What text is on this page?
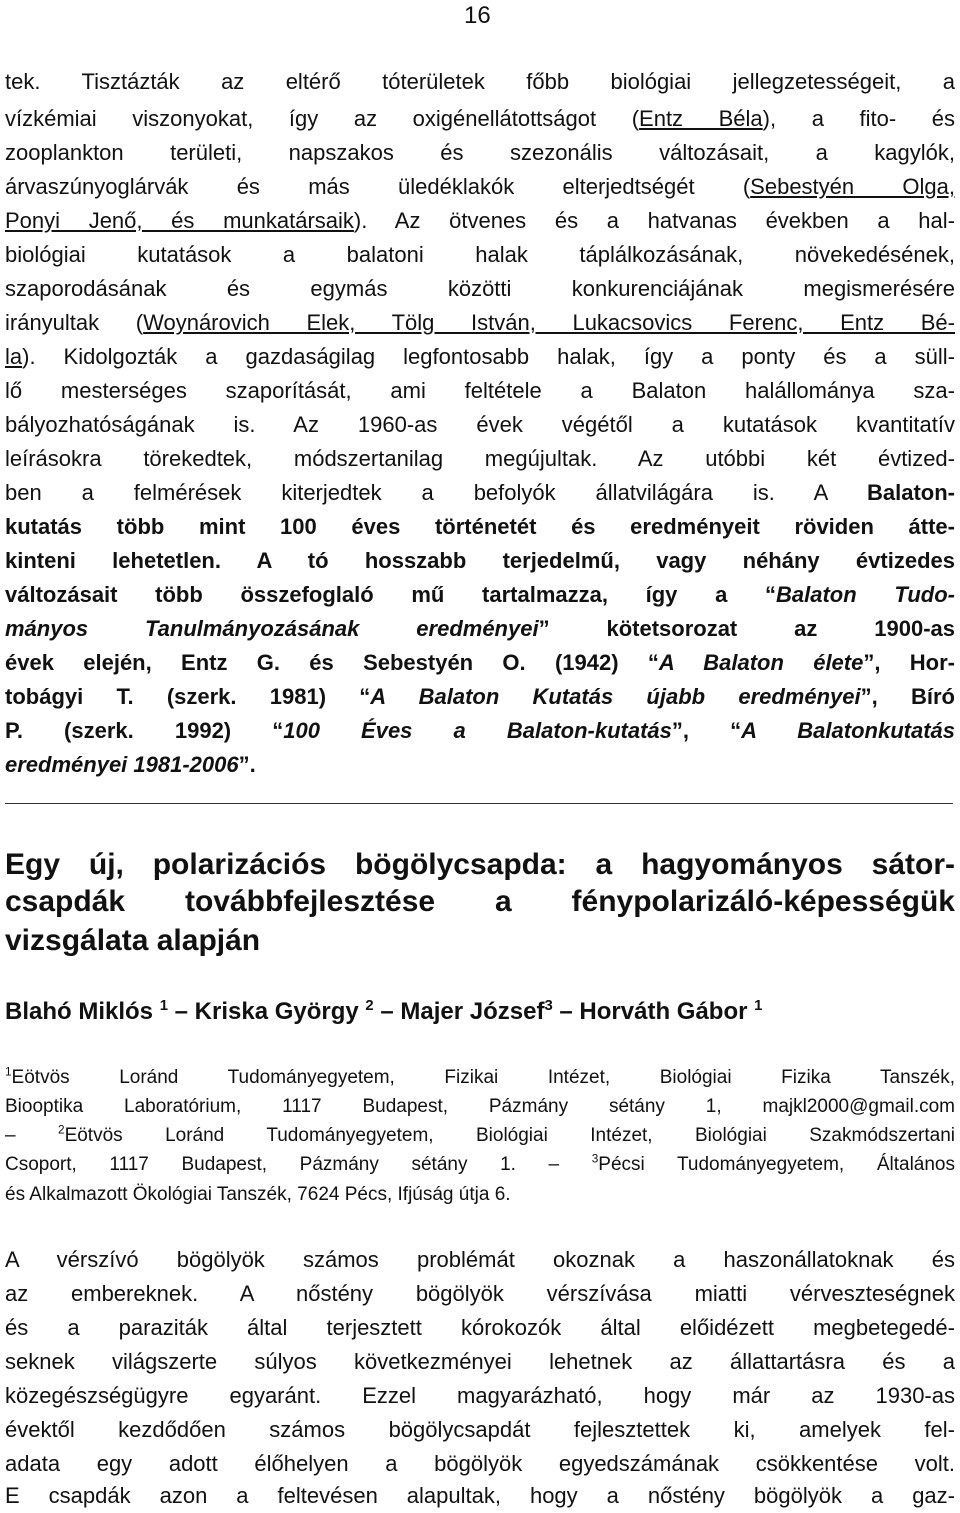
16
tek. Tisztázták az eltérő tóterületek főbb biológiai jellegzetességeit, a
vízkémiai viszonyokat, így az oxigénellátottságot (Entz Béla), a fito- és
zooplankton területi, napszakos és szezonális változásait, a kagylók,
árvaszúnyoglárvák és más üledéklakók elterjedtségét (Sebestyén Olga,
Ponyi Jenő, és munkatársaik). Az ötvenes és a hatvanas években a hal-
biológiai kutatások a balatoni halak táplálkozásának, növekedésének,
szaporodásának és egymás közötti konkurenciájának megismerésére
irányultak (Woynárovich Elek, Tölg István, Lukacsovics Ferenc, Entz Bé-
la). Kidolgozták a gazdaságilag legfontosabb halak, így a ponty és a süll-
lő mesterséges szaporítását, ami feltétele a Balaton halállománya sza-
bályozhatóságának is. Az 1960-as évek végétől a kutatások kvantitatív
leírásokra törekedtek, módszertanilag megújultak. Az utóbbi két évtized-
ben a felmérések kiterjedtek a befolyók állatvilágára is. A Balaton-
kutatás több mint 100 éves történetét és eredményeit röviden átte-
kinteni lehetetlen. A tó hosszabb terjedelmű, vagy néhány évtizedes
változásait több összefoglaló mű tartalmazza, így a “Balaton Tudo-
mányos Tanulmányozásának eredményei” kötetsorozat az 1900-as
évek elején, Entz G. és Sebestyén O. (1942) “A Balaton élete”, Hor-
tobágyi T. (szerk. 1981) “A Balaton Kutatás újabb eredményei”, Bíró
P. (szerk. 1992) “100 Éves a Balaton-kutatás”, “A Balatonkutatás
eredményei 1981-2006”.
Egy új, polarizációs bögölycsapda: a hagyományos sátor-
csapdák továbbfejlesztése a fénypolarizáló-képességük
vizsgálata alapján
Blahó Miklós $^1$ – Kriska György $^2$ – Majer József$^3$ – Horváth Gábor $^1$
$^1$Eötvös Loránd Tudományegyetem, Fizikai Intézet, Biológiai Fizika Tanszék,
Biooptika Laboratórium, 1117 Budapest, Pázmány sétány 1, majkl2000@gmail.com
– $^2$Eötvös Loránd Tudományegyetem, Biológiai Intézet, Biológiai Szakmódszertani
Csoport, 1117 Budapest, Pázmány sétány 1. – $^3$Pécsi Tudományegyetem, Általános
és Alkalmazott Ökológiai Tanszék, 7624 Pécs, Ifjúság útja 6.
A vérszívó bögölyök számos problémát okoznak a haszonállatoknak és
az embereknek. A nőstény bögölyök vérszívása miatti vérveszteségnek
és a paraziták által terjesztett kórokozók által előidézett megbetegedé-
seknek világszerte súlyos következményei lehetnek az állattartásra és a
közegészségügyre egyaránt. Ezzel magyarázható, hogy már az 1930-as
évektől kezdődően számos bögölycsapdát fejlesztettek ki, amelyek fel-
adata egy adott élőhelyen a bögölyök egyedszámának csökkentése volt.
E csapdák azon a feltevésen alapultak, hogy a nőstény bögölyök a gaz-
